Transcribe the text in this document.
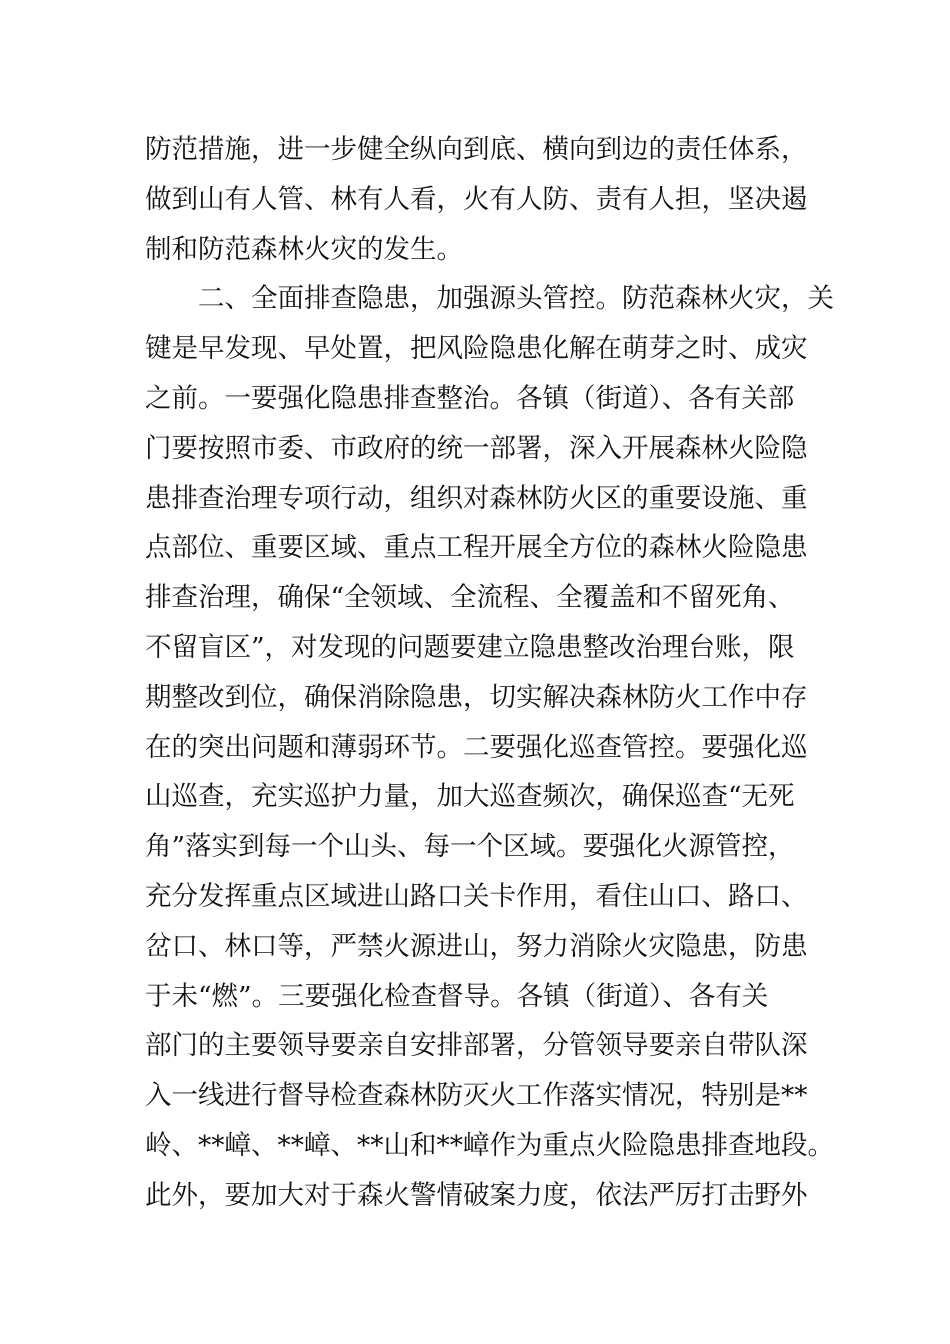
防范措施，进一步健全纵向到底、横向到边的责任体系，
做到山有人管、林有人看，火有人防、责有人担，坚决遏
制和防范森林火灾的发生。
　　二、全面排查隐患，加强源头管控。防范森林火灾，关
键是早发现、早处置，把风险隐患化解在萌芽之时、成灾
之前。一要强化隐患排查整治。各镇（街道）、各有关部
门要按照市委、市政府的统一部署，深入开展森林火险隐
患排查治理专项行动，组织对森林防火区的重要设施、重
点部位、重要区域、重点工程开展全方位的森林火险隐患
排查治理，确保“全领域、全流程、全覆盖和不留死角、
不留盲区”，对发现的问题要建立隐患整改治理台账，限
期整改到位，确保消除隐患，切实解决森林防火工作中存
在的突出问题和薄弱环节。二要强化巡查管控。要强化巡
山巡查，充实巡护力量，加大巡查频次，确保巡查“无死
角”落实到每一个山头、每一个区域。要强化火源管控，
充分发挥重点区域进山路口关卡作用，看住山口、路口、
岔口、林口等，严禁火源进山，努力消除火灾隐患，防患
于未“燃”。三要强化检查督导。各镇（街道）、各有关
部门的主要领导要亲自安排部署，分管领导要亲自带队深
入一线进行督导检查森林防灭火工作落实情况，特别是**
岭、**嶂、**嶂、**山和**嶂作为重点火险隐患排查地段。
此外，要加大对于森火警情破案力度，依法严厉打击野外
